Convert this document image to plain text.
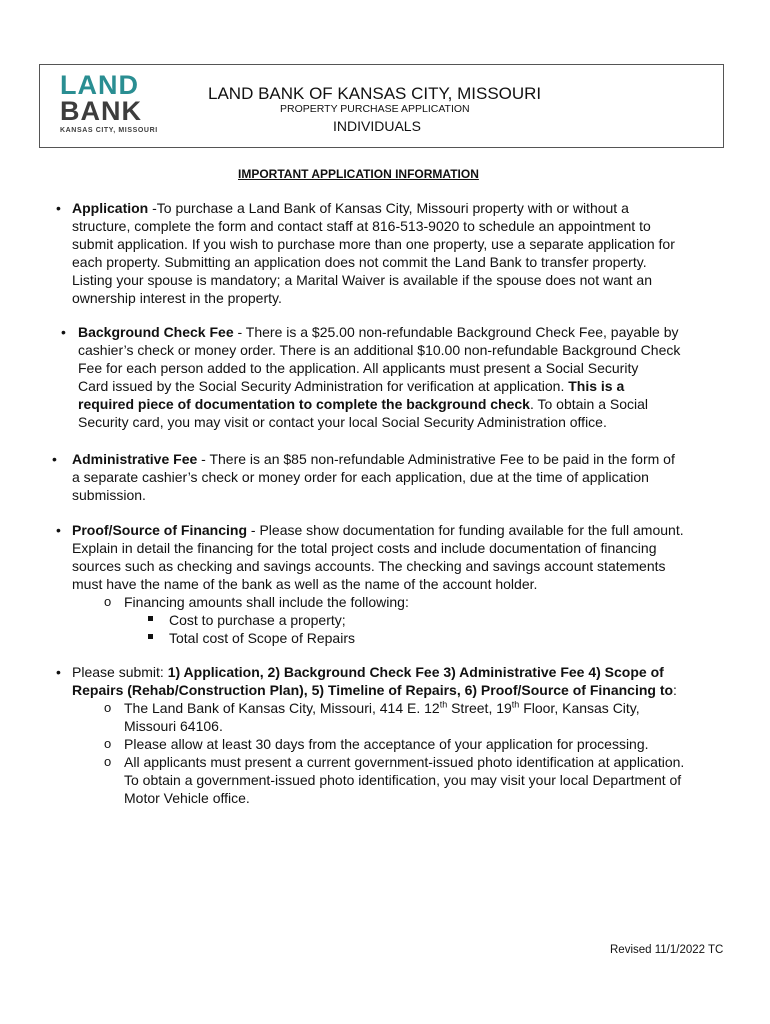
LAND
BANK
KANSAS CITY, MISSOURI
LAND BANK OF KANSAS CITY, MISSOURI
PROPERTY PURCHASE APPLICATION
INDIVIDUALS
IMPORTANT APPLICATION INFORMATION
• Application -To purchase a Land Bank of Kansas City, Missouri property with or without a
structure, complete the form and contact staff at 816-513-9020 to schedule an appointment to
submit application. If you wish to purchase more than one property, use a separate application for
each property. Submitting an application does not commit the Land Bank to transfer property.
Listing your spouse is mandatory; a Marital Waiver is available if the spouse does not want an
ownership interest in the property.
• Background Check Fee - There is a $25.00 non-refundable Background Check Fee, payable by
cashier’s check or money order. There is an additional $10.00 non-refundable Background Check
Fee for each person added to the application. All applicants must present a Social Security
Card issued by the Social Security Administration for verification at application. This is a
required piece of documentation to complete the background check. To obtain a Social
Security card, you may visit or contact your local Social Security Administration office.
• Administrative Fee - There is an $85 non-refundable Administrative Fee to be paid in the form of
a separate cashier’s check or money order for each application, due at the time of application
submission.
• Proof/Source of Financing - Please show documentation for funding available for the full amount.
Explain in detail the financing for the total project costs and include documentation of financing
sources such as checking and savings accounts. The checking and savings account statements
must have the name of the bank as well as the name of the account holder.
o Financing amounts shall include the following:
Cost to purchase a property;
Total cost of Scope of Repairs
• Please submit: 1) Application, 2) Background Check Fee 3) Administrative Fee 4) Scope of
Repairs (Rehab/Construction Plan), 5) Timeline of Repairs, 6) Proof/Source of Financing to:
o The Land Bank of Kansas City, Missouri, 414 E. 12th Street, 19th Floor, Kansas City,
Missouri 64106.
o Please allow at least 30 days from the acceptance of your application for processing.
o All applicants must present a current government-issued photo identification at application.
To obtain a government-issued photo identification, you may visit your local Department of
Motor Vehicle office.
Revised 11/1/2022 TC
